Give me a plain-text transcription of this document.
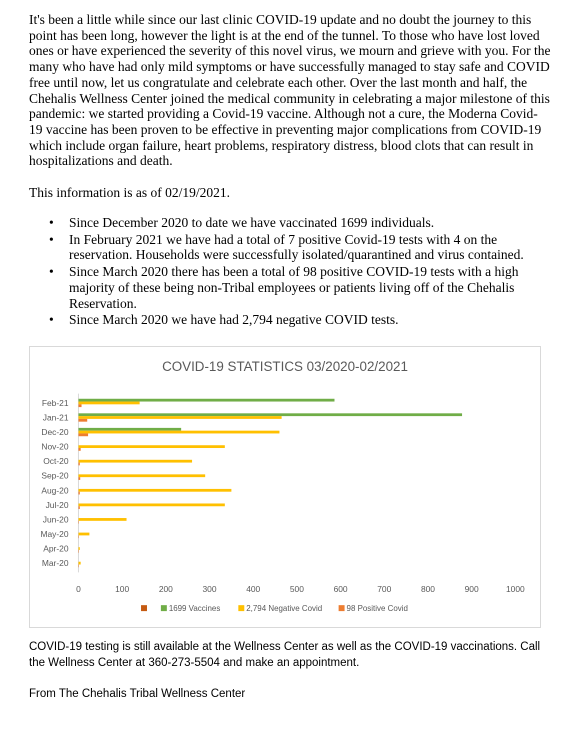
It's been a little while since our last clinic COVID-19 update and no doubt the journey to this point has been long, however the light is at the end of the tunnel. To those who have lost loved ones or have experienced the severity of this novel virus, we mourn and grieve with you. For the many who have had only mild symptoms or have successfully managed to stay safe and COVID free until now, let us congratulate and celebrate each other. Over the last month and half, the Chehalis Wellness Center joined the medical community in celebrating a major milestone of this pandemic: we started providing a Covid-19 vaccine. Although not a cure, the Moderna Covid-19 vaccine has been proven to be effective in preventing major complications from COVID-19 which include organ failure, heart problems, respiratory distress, blood clots that can result in hospitalizations and death.

This information is as of 02/19/2021.

• Since December 2020 to date we have vaccinated 1699 individuals.
• In February 2021 we have had a total of 7 positive Covid-19 tests with 4 on the reservation. Households were successfully isolated/quarantined and virus contained.
• Since March 2020 there has been a total of 98 positive COVID-19 tests with a high majority of these being non-Tribal employees or patients living off of the Chehalis Reservation.
• Since March 2020 we have had 2,794 negative COVID tests.
COVID-19 STATISTICS 03/2020-02/2021
Mar-20
Apr-20
May-20
Jun-20
Jul-20
Aug-20
Sep-20
Oct-20
Nov-20
Dec-20
Jan-21
Feb-21
0	100	200	300	400	500	600	700	800	900	1000
1699 Vaccines	2,794 Negative Covid	98 Positive Covid

COVID-19 testing is still available at the Wellness Center as well as the COVID-19 vaccinations. Call the Wellness Center at 360-273-5504 and make an appointment.

From The Chehalis Tribal Wellness Center
